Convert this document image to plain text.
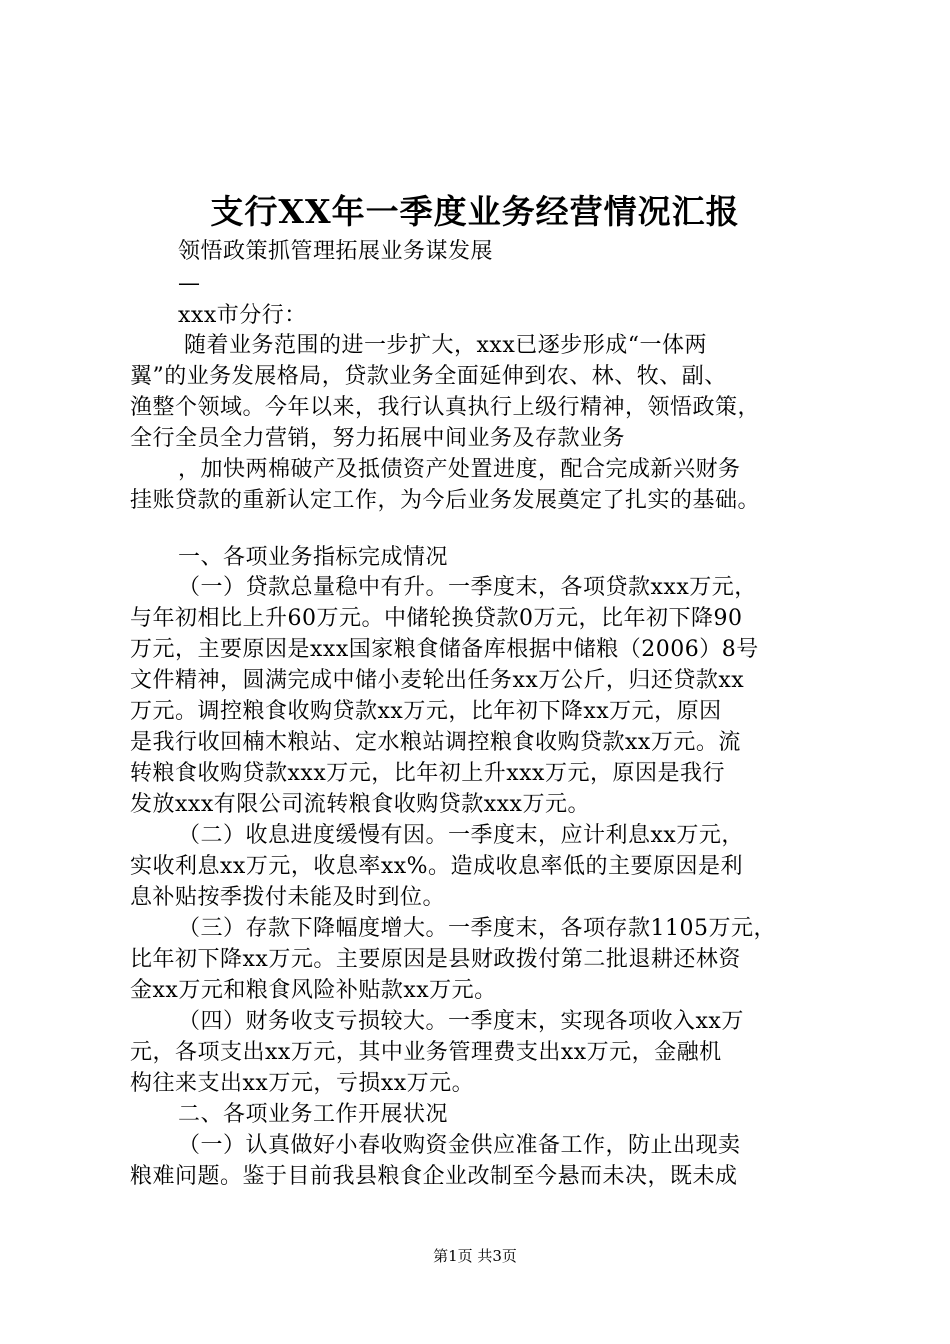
支行XX年一季度业务经营情况汇报
领悟政策抓管理拓展业务谋发展
—
xxx市分行：
随着业务范围的进一步扩大，xxx已逐步形成“一体两
翼”的业务发展格局，贷款业务全面延伸到农、林、牧、副、
渔整个领域。今年以来，我行认真执行上级行精神，领悟政策，
全行全员全力营销，努力拓展中间业务及存款业务
，加快两棉破产及抵债资产处置进度，配合完成新兴财务
挂账贷款的重新认定工作，为今后业务发展奠定了扎实的基础。
一、各项业务指标完成情况
（一）贷款总量稳中有升。一季度末，各项贷款xxx万元，
与年初相比上升60万元。中储轮换贷款0万元，比年初下降90
万元，主要原因是xxx国家粮食储备库根据中储粮（2006）8号
文件精神，圆满完成中储小麦轮出任务xx万公斤，归还贷款xx
万元。调控粮食收购贷款xx万元，比年初下降xx万元，原因
是我行收回楠木粮站、定水粮站调控粮食收购贷款xx万元。流
转粮食收购贷款xxx万元，比年初上升xxx万元，原因是我行
发放xxx有限公司流转粮食收购贷款xxx万元。
（二）收息进度缓慢有因。一季度末，应计利息xx万元，
实收利息xx万元，收息率xx%。造成收息率低的主要原因是利
息补贴按季拨付未能及时到位。
（三）存款下降幅度增大。一季度末，各项存款1105万元，
比年初下降xx万元。主要原因是县财政拨付第二批退耕还林资
金xx万元和粮食风险补贴款xx万元。
（四）财务收支亏损较大。一季度末，实现各项收入xx万
元，各项支出xx万元，其中业务管理费支出xx万元，金融机
构往来支出xx万元，亏损xx万元。
二、各项业务工作开展状况
（一）认真做好小春收购资金供应准备工作，防止出现卖
粮难问题。鉴于目前我县粮食企业改制至今悬而未决，既未成
第1页 共3页
